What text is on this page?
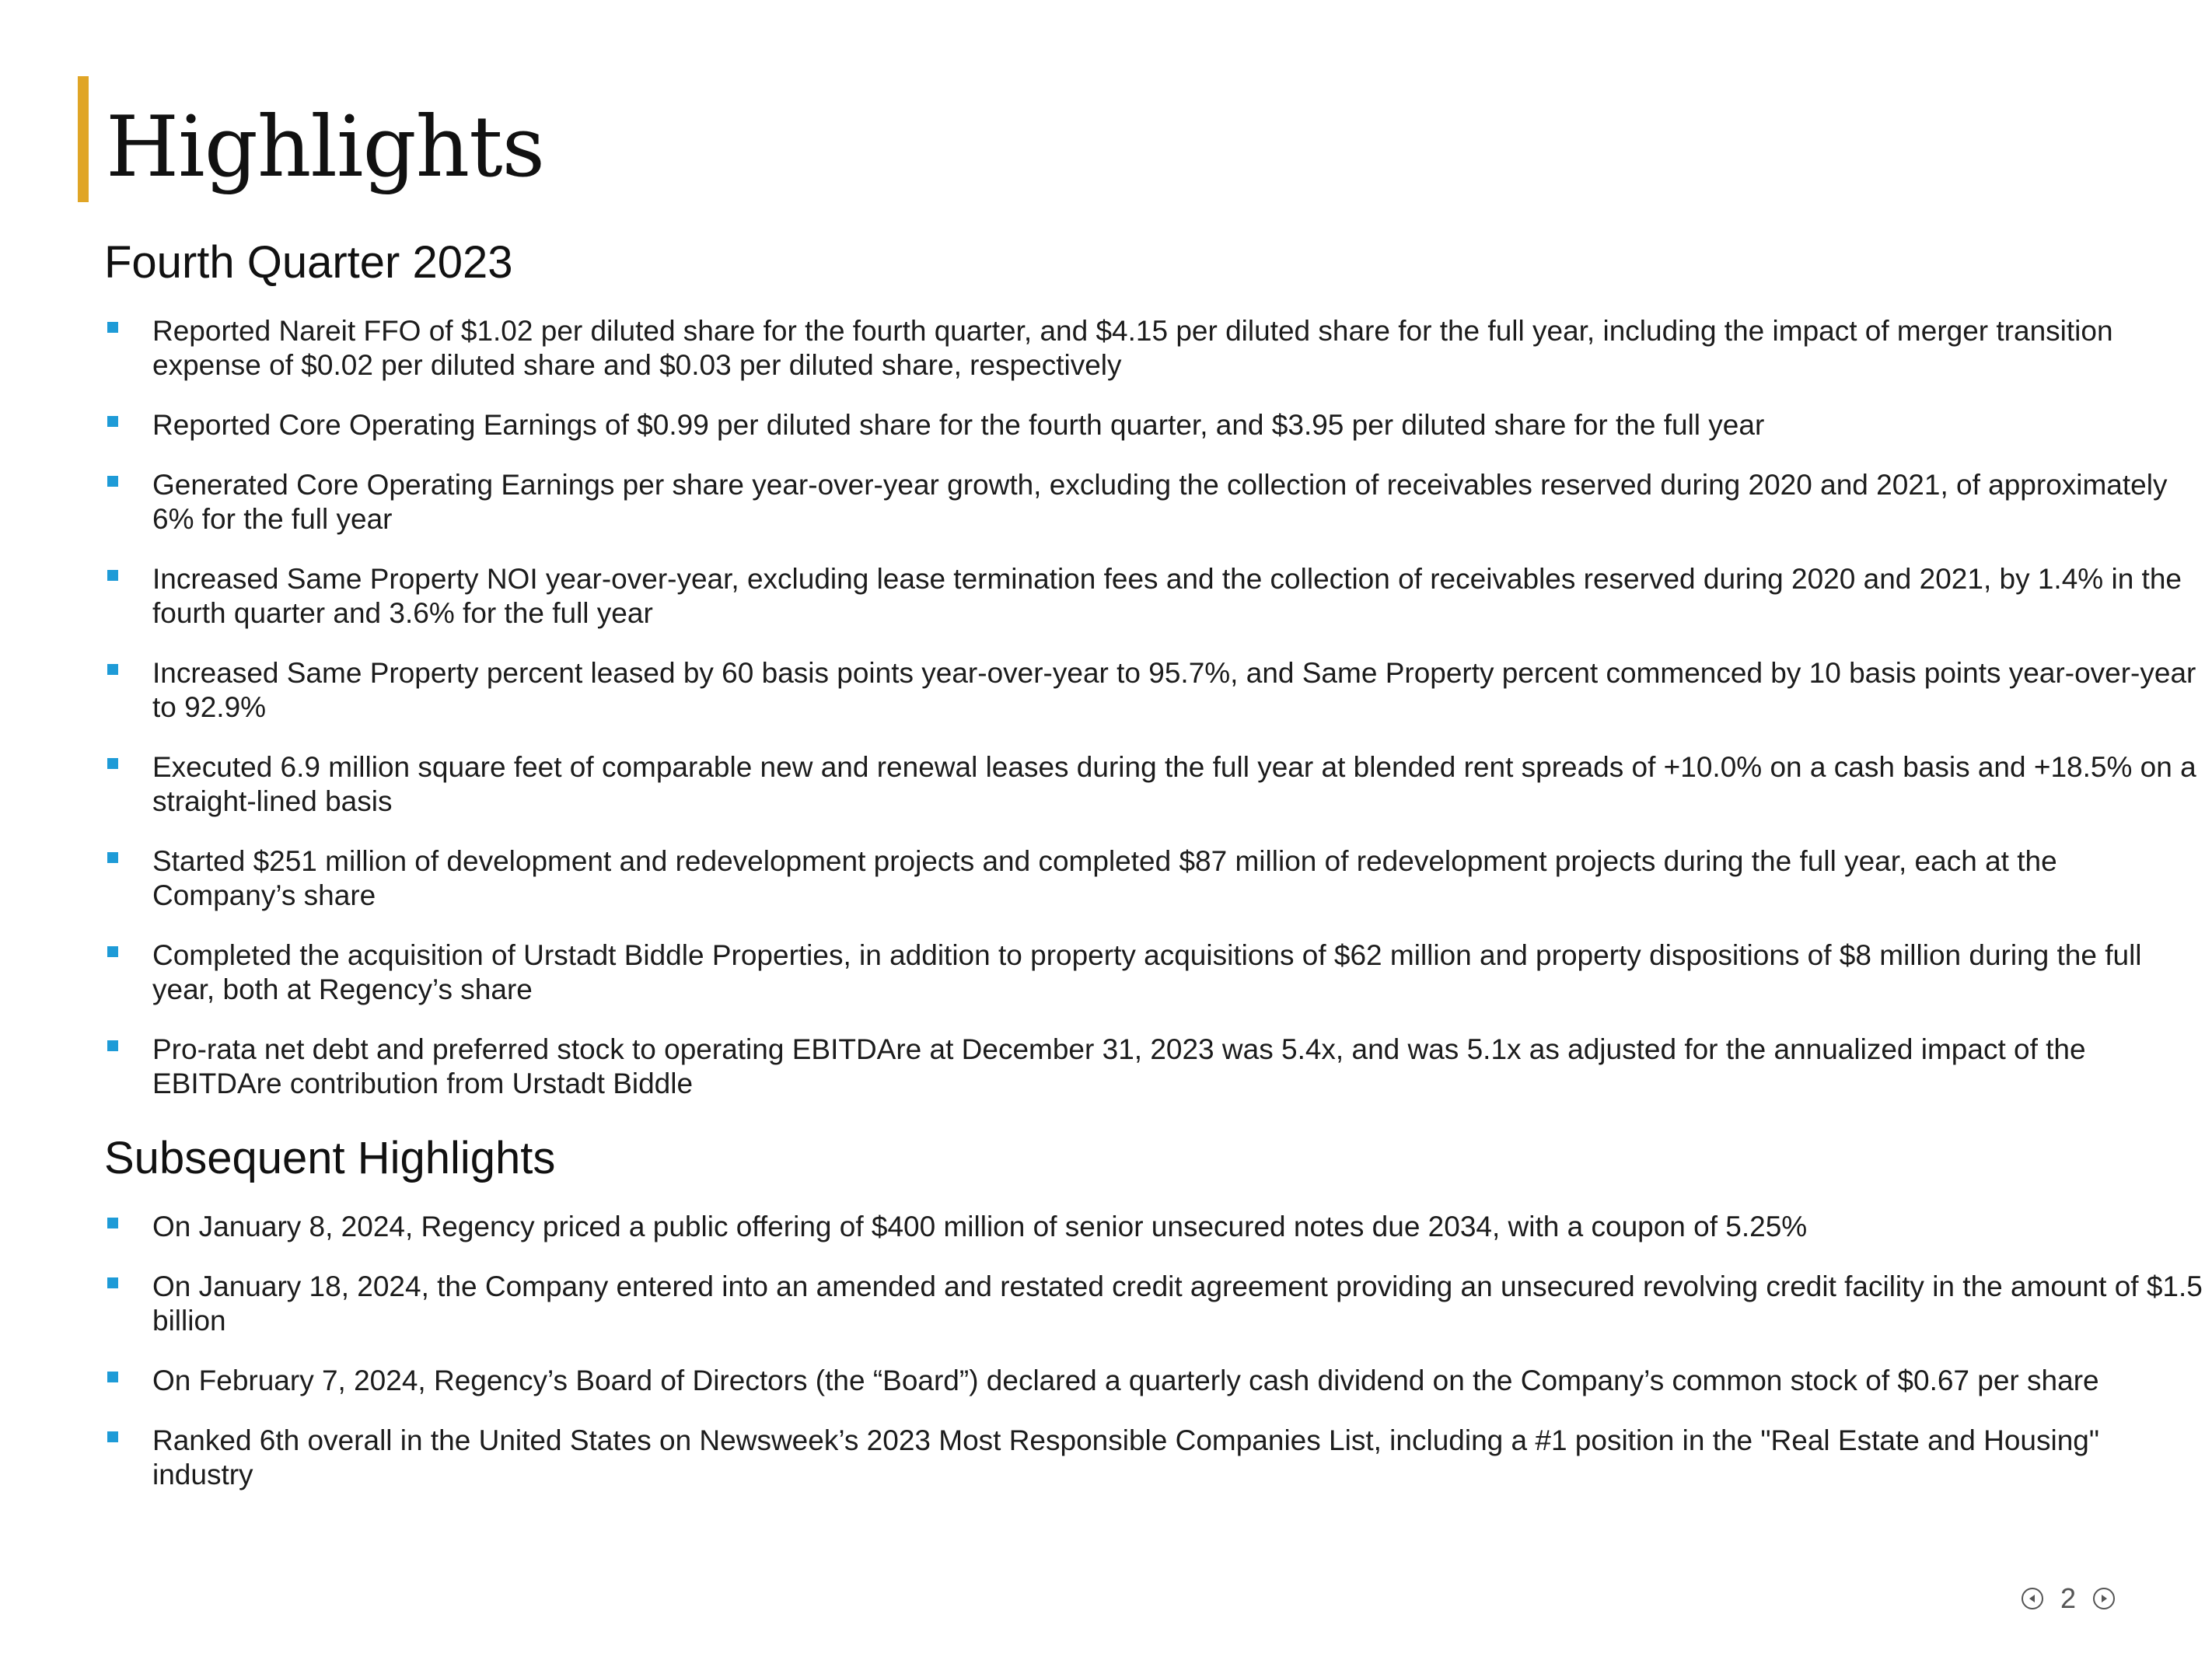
Highlights
Fourth Quarter 2023
Reported Nareit FFO of $1.02 per diluted share for the fourth quarter, and $4.15 per diluted share for the full year, including the impact of merger transition expense of $0.02 per diluted share and $0.03 per diluted share, respectively
Reported Core Operating Earnings of $0.99 per diluted share for the fourth quarter, and $3.95 per diluted share for the full year
Generated Core Operating Earnings per share year-over-year growth, excluding the collection of receivables reserved during 2020 and 2021, of approximately 6% for the full year
Increased Same Property NOI year-over-year, excluding lease termination fees and the collection of receivables reserved during 2020 and 2021, by 1.4% in the fourth quarter and 3.6% for the full year
Increased Same Property percent leased by 60 basis points year-over-year to 95.7%, and Same Property percent commenced by 10 basis points year-over-year to 92.9%
Executed 6.9 million square feet of comparable new and renewal leases during the full year at blended rent spreads of +10.0% on a cash basis and +18.5% on a straight-lined basis
Started $251 million of development and redevelopment projects and completed $87 million of redevelopment projects during the full year, each at the Company’s share
Completed the acquisition of Urstadt Biddle Properties, in addition to property acquisitions of $62 million and property dispositions of $8 million during the full year, both at Regency’s share
Pro-rata net debt and preferred stock to operating EBITDAre at December 31, 2023 was 5.4x, and was 5.1x as adjusted for the annualized impact of the EBITDAre contribution from Urstadt Biddle
Subsequent Highlights
On January 8, 2024, Regency priced a public offering of $400 million of senior unsecured notes due 2034, with a coupon of 5.25%
On January 18, 2024, the Company entered into an amended and restated credit agreement providing an unsecured revolving credit facility in the amount of $1.5 billion
On February 7, 2024, Regency’s Board of Directors (the “Board”) declared a quarterly cash dividend on the Company’s common stock of $0.67 per share
Ranked 6th overall in the United States on Newsweek’s 2023 Most Responsible Companies List, including a #1 position in the "Real Estate and Housing" industry
2
